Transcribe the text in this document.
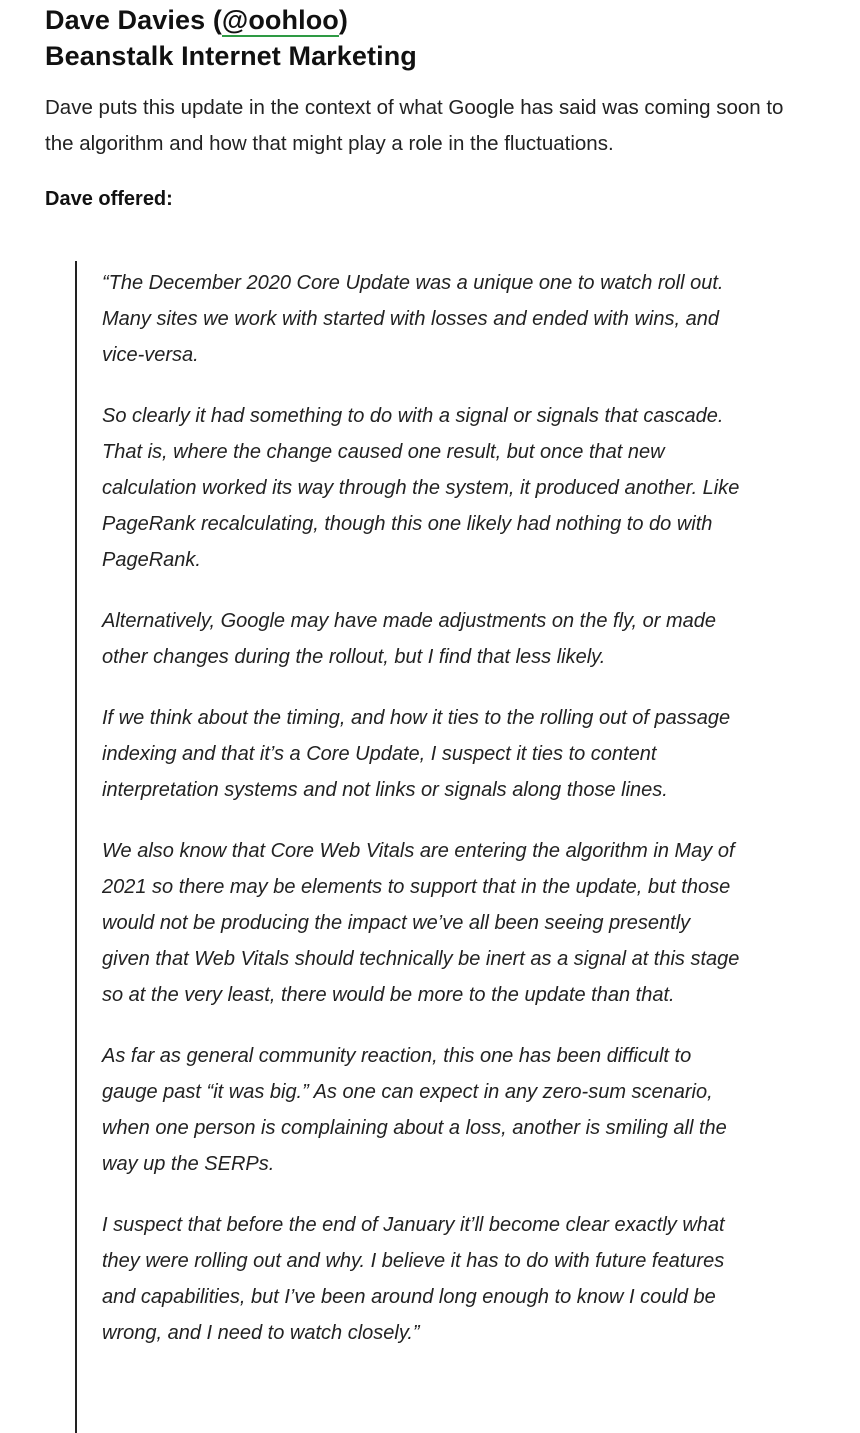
Dave Davies (@oohloo)
Beanstalk Internet Marketing

Dave puts this update in the context of what Google has said was coming soon to the algorithm and how that might play a role in the fluctuations.

Dave offered:

“The December 2020 Core Update was a unique one to watch roll out. Many sites we work with started with losses and ended with wins, and vice-versa.

So clearly it had something to do with a signal or signals that cascade. That is, where the change caused one result, but once that new calculation worked its way through the system, it produced another. Like PageRank recalculating, though this one likely had nothing to do with PageRank.

Alternatively, Google may have made adjustments on the fly, or made other changes during the rollout, but I find that less likely.

If we think about the timing, and how it ties to the rolling out of passage indexing and that it’s a Core Update, I suspect it ties to content interpretation systems and not links or signals along those lines.

We also know that Core Web Vitals are entering the algorithm in May of 2021 so there may be elements to support that in the update, but those would not be producing the impact we’ve all been seeing presently given that Web Vitals should technically be inert as a signal at this stage so at the very least, there would be more to the update than that.

As far as general community reaction, this one has been difficult to gauge past “it was big.” As one can expect in any zero-sum scenario, when one person is complaining about a loss, another is smiling all the way up the SERPs.

I suspect that before the end of January it’ll become clear exactly what they were rolling out and why. I believe it has to do with future features and capabilities, but I’ve been around long enough to know I could be wrong, and I need to watch closely.”
